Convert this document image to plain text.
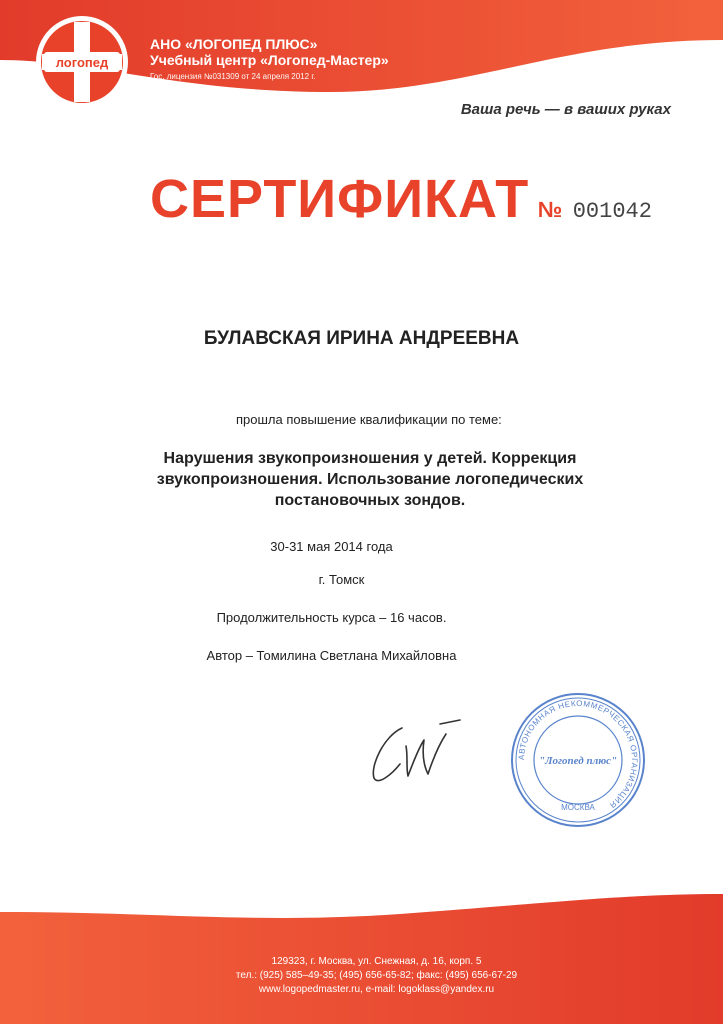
логопед
АНО «ЛОГОПЕД ПЛЮС»
Учебный центр «Логопед-Мастер»
Гос. лицензия №031309 от 24 апреля 2012 г.
Ваша речь — в ваших руках
СЕРТИФИКАТ № 001042
БУЛАВСКАЯ ИРИНА АНДРЕЕВНА
прошла повышение квалификации по теме:
Нарушения звукопроизношения у детей. Коррекция звукопроизношения. Использование логопедических постановочных зондов.
30-31 мая 2014 года
г. Томск
Продолжительность курса – 16 часов.
Автор – Томилина Светлана Михайловна
АВТОНОМНАЯ НЕКОММЕРЧЕСКАЯ ОРГАНИЗАЦИЯ
МОСКВА
"Логопед плюс"
129323, г. Москва, ул. Снежная, д. 16, корп. 5
тел.: (925) 585–49-35; (495) 656-65-82; факс: (495) 656-67-29
www.logopedmaster.ru, e-mail: logoklass@yandex.ru
